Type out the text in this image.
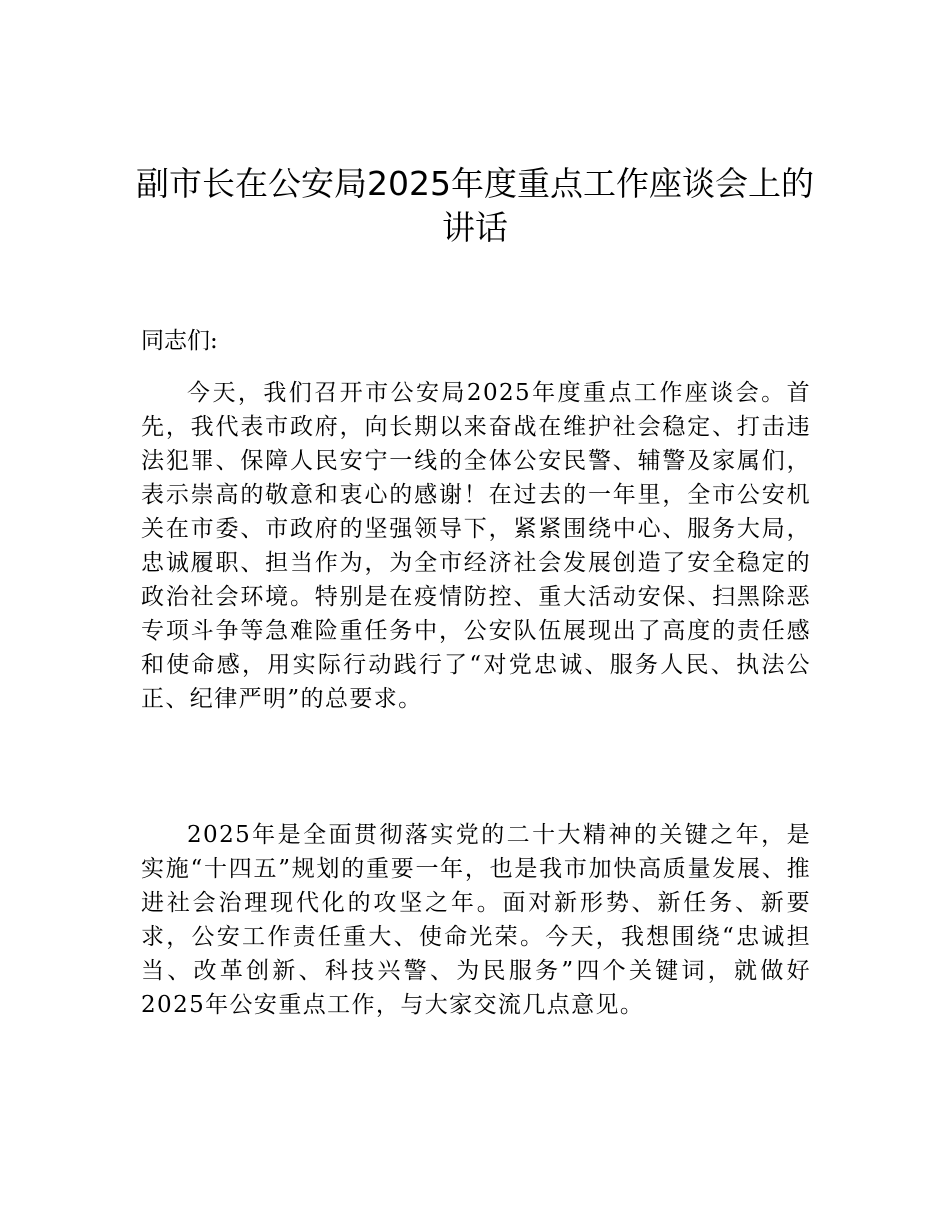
副市长在公安局2025年度重点工作座谈会上的讲话

同志们:

今天，我们召开市公安局2025年度重点工作座谈会。首先，我代表市政府，向长期以来奋战在维护社会稳定、打击违法犯罪、保障人民安宁一线的全体公安民警、辅警及家属们，表示崇高的敬意和衷心的感谢！在过去的一年里，全市公安机关在市委、市政府的坚强领导下，紧紧围绕中心、服务大局，忠诚履职、担当作为，为全市经济社会发展创造了安全稳定的政治社会环境。特别是在疫情防控、重大活动安保、扫黑除恶专项斗争等急难险重任务中，公安队伍展现出了高度的责任感和使命感，用实际行动践行了“对党忠诚、服务人民、执法公正、纪律严明”的总要求。

2025年是全面贯彻落实党的二十大精神的关键之年，是实施“十四五”规划的重要一年，也是我市加快高质量发展、推进社会治理现代化的攻坚之年。面对新形势、新任务、新要求，公安工作责任重大、使命光荣。今天，我想围绕“忠诚担当、改革创新、科技兴警、为民服务”四个关键词，就做好2025年公安重点工作，与大家交流几点意见。
